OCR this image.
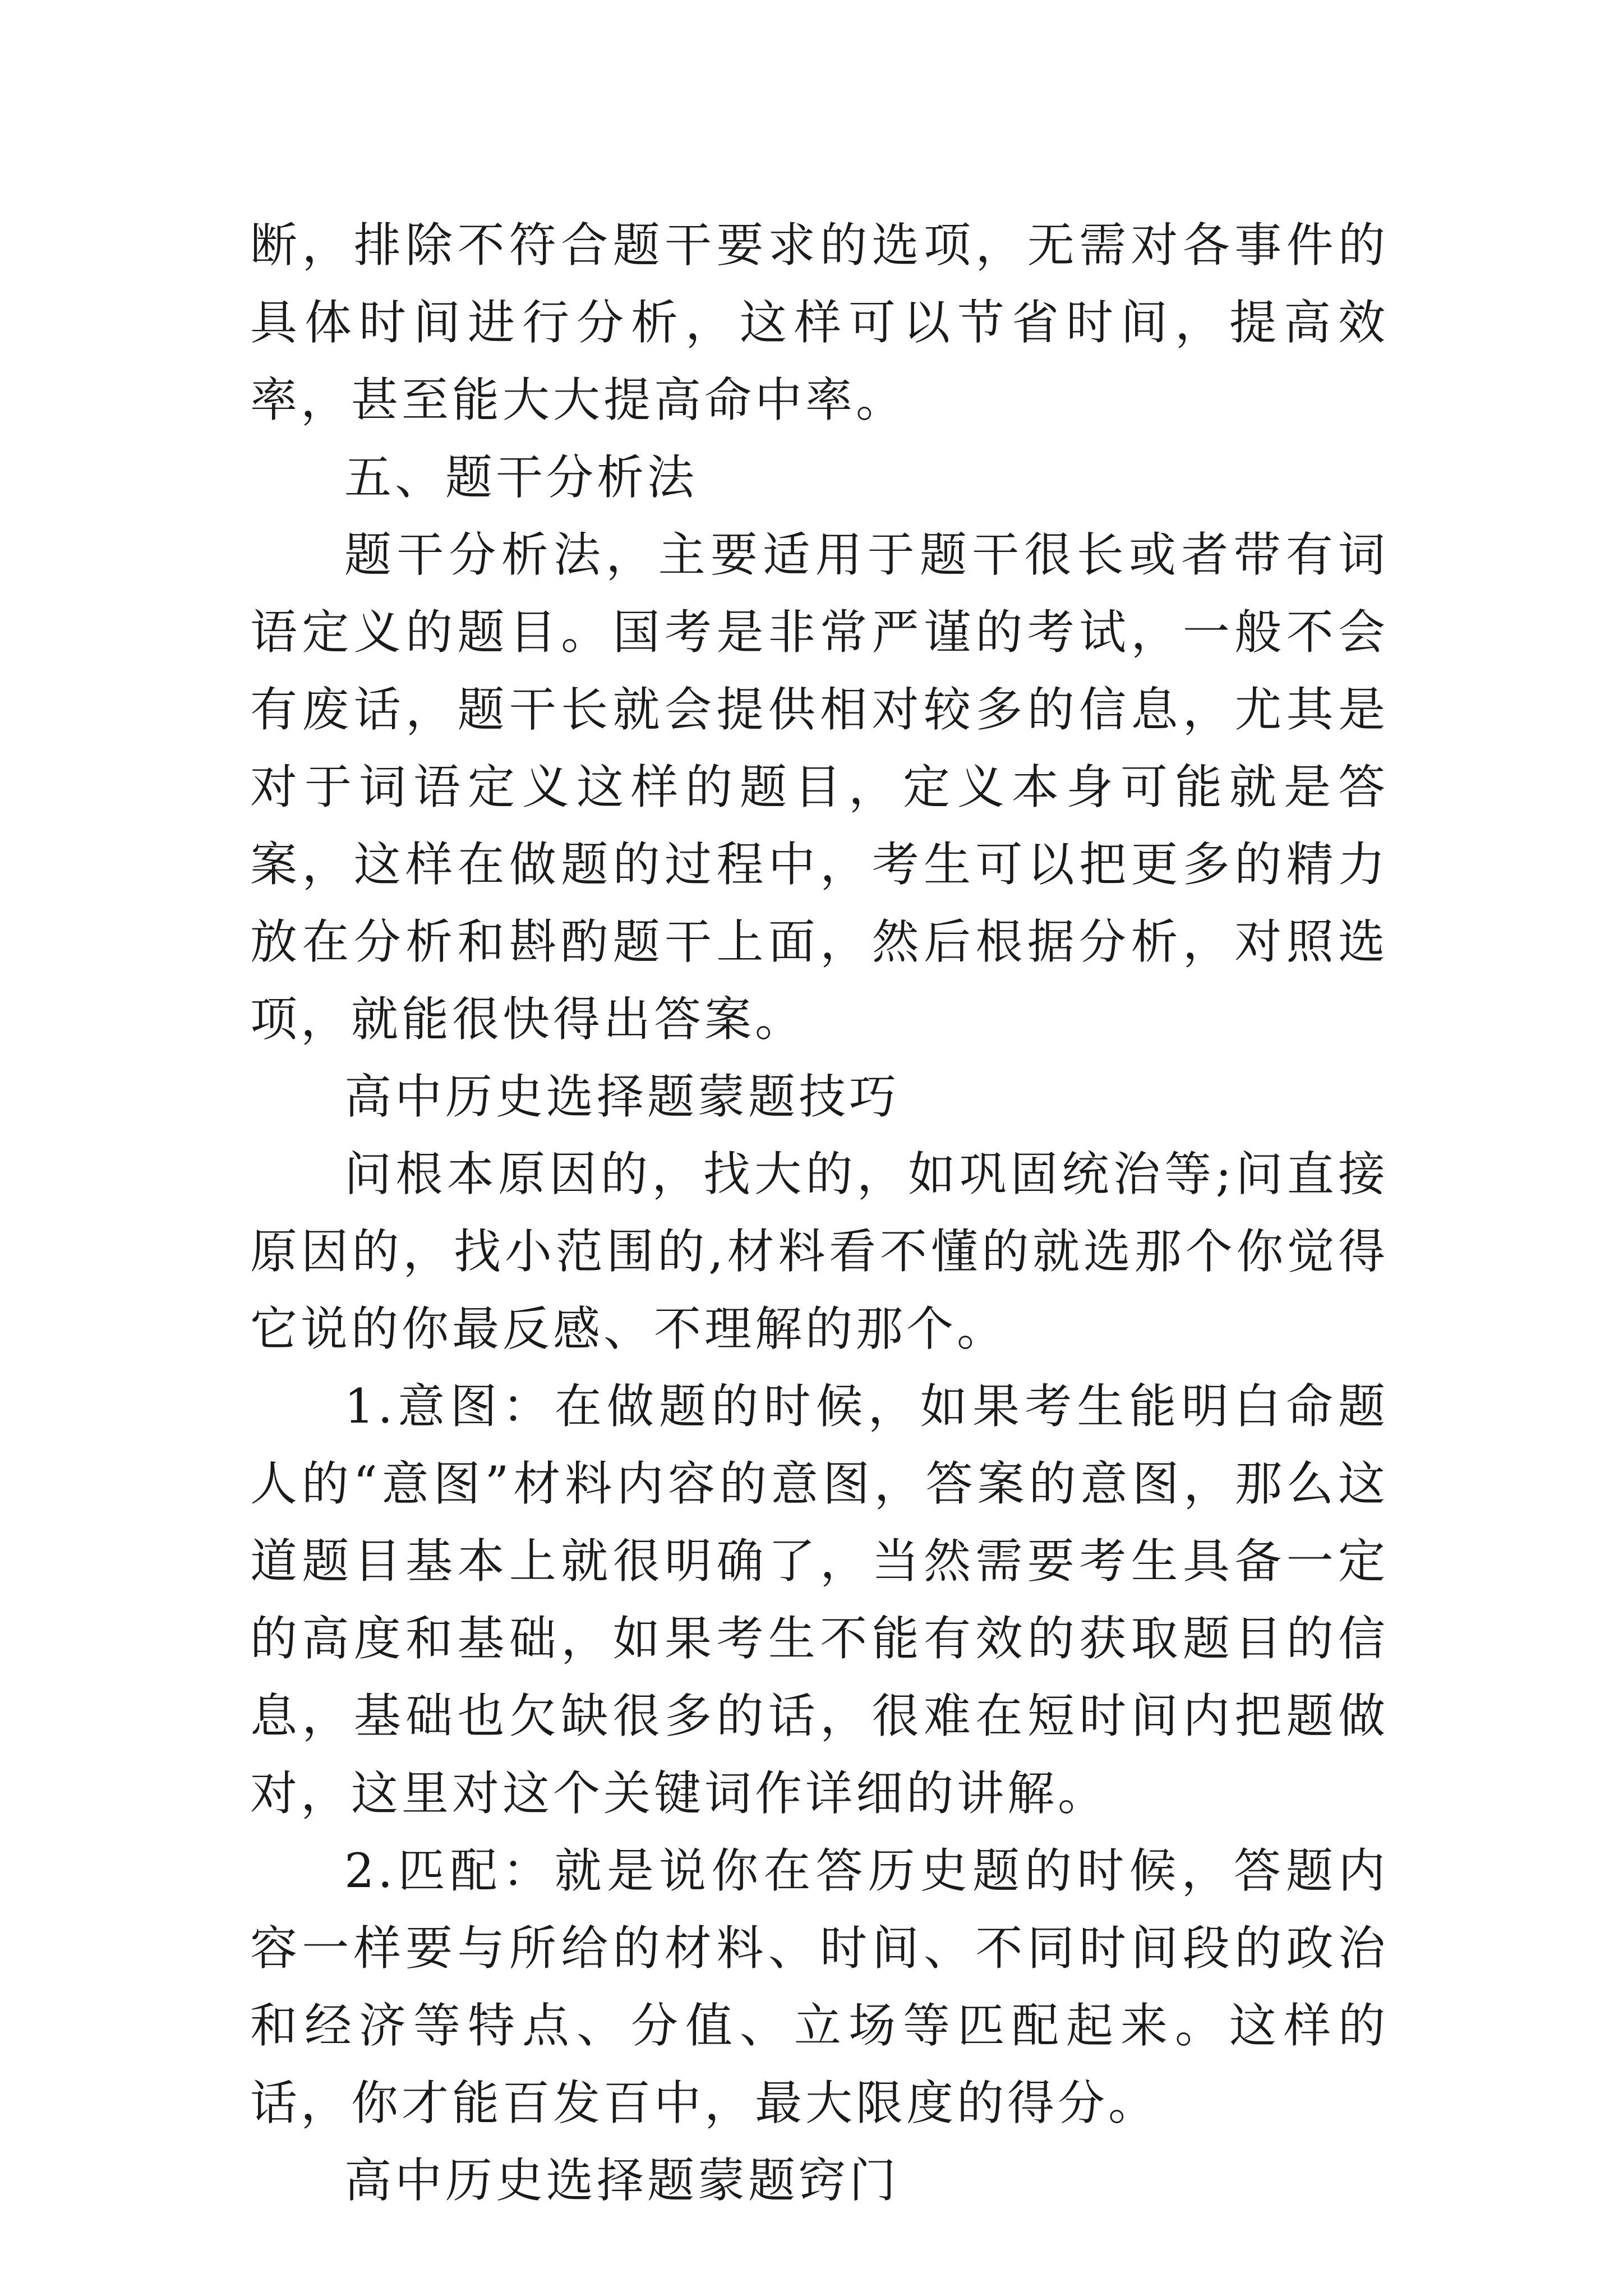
断，排除不符合题干要求的选项，无需对各事件的具体时间进行分析，这样可以节省时间，提高效率，甚至能大大提高命中率。

五、题干分析法

题干分析法，主要适用于题干很长或者带有词语定义的题目。国考是非常严谨的考试，一般不会有废话，题干长就会提供相对较多的信息，尤其是对于词语定义这样的题目，定义本身可能就是答案，这样在做题的过程中，考生可以把更多的精力放在分析和斟酌题干上面，然后根据分析，对照选项，就能很快得出答案。

高中历史选择题蒙题技巧

问根本原因的，找大的，如巩固统治等;问直接原因的，找小范围的,材料看不懂的就选那个你觉得它说的你最反感、不理解的那个。

1.意图：在做题的时候，如果考生能明白命题人的“意图”材料内容的意图，答案的意图，那么这道题目基本上就很明确了，当然需要考生具备一定的高度和基础，如果考生不能有效的获取题目的信息，基础也欠缺很多的话，很难在短时间内把题做对，这里对这个关键词作详细的讲解。

2.匹配：就是说你在答历史题的时候，答题内容一样要与所给的材料、时间、不同时间段的政治和经济等特点、分值、立场等匹配起来。这样的话，你才能百发百中，最大限度的得分。

高中历史选择题蒙题窍门
